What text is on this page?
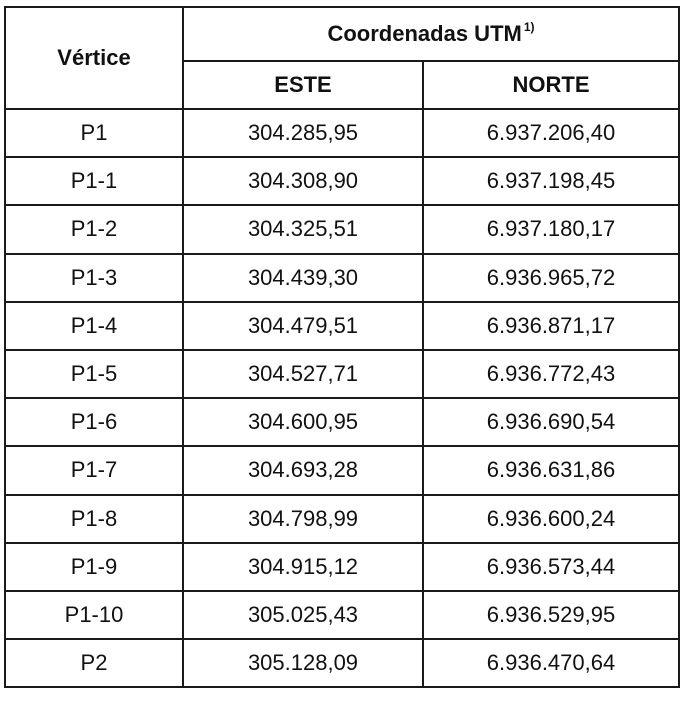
Vértice	Coordenadas UTM $^{1)}$
	ESTE	NORTE
P1	304.285,95	6.937.206,40
P1-1	304.308,90	6.937.198,45
P1-2	304.325,51	6.937.180,17
P1-3	304.439,30	6.936.965,72
P1-4	304.479,51	6.936.871,17
P1-5	304.527,71	6.936.772,43
P1-6	304.600,95	6.936.690,54
P1-7	304.693,28	6.936.631,86
P1-8	304.798,99	6.936.600,24
P1-9	304.915,12	6.936.573,44
P1-10	305.025,43	6.936.529,95
P2	305.128,09	6.936.470,64
